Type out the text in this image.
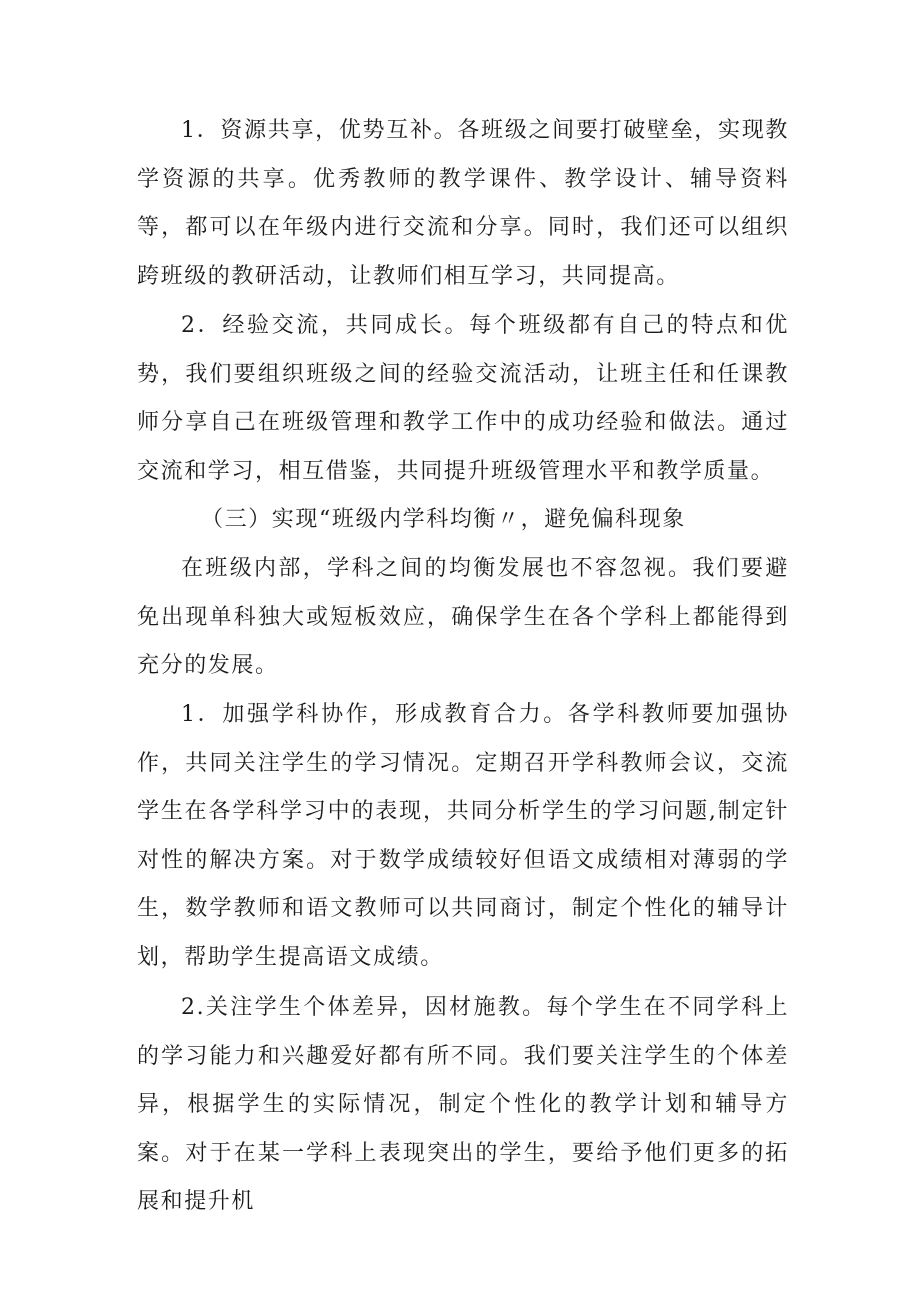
1．资源共享，优势互补。各班级之间要打破壁垒，实现教学资源的共享。优秀教师的教学课件、教学设计、辅导资料等，都可以在年级内进行交流和分享。同时，我们还可以组织跨班级的教研活动，让教师们相互学习，共同提高。

2．经验交流，共同成长。每个班级都有自己的特点和优势，我们要组织班级之间的经验交流活动，让班主任和任课教师分享自己在班级管理和教学工作中的成功经验和做法。通过交流和学习，相互借鉴，共同提升班级管理水平和教学质量。

（三）实现“班级内学科均衡〃，避免偏科现象

在班级内部，学科之间的均衡发展也不容忽视。我们要避免出现单科独大或短板效应，确保学生在各个学科上都能得到充分的发展。

1．加强学科协作，形成教育合力。各学科教师要加强协作，共同关注学生的学习情况。定期召开学科教师会议，交流学生在各学科学习中的表现，共同分析学生的学习问题,制定针对性的解决方案。对于数学成绩较好但语文成绩相对薄弱的学生，数学教师和语文教师可以共同商讨，制定个性化的辅导计划，帮助学生提高语文成绩。

2.关注学生个体差异，因材施教。每个学生在不同学科上的学习能力和兴趣爱好都有所不同。我们要关注学生的个体差异，根据学生的实际情况，制定个性化的教学计划和辅导方案。对于在某一学科上表现突出的学生，要给予他们更多的拓展和提升机
